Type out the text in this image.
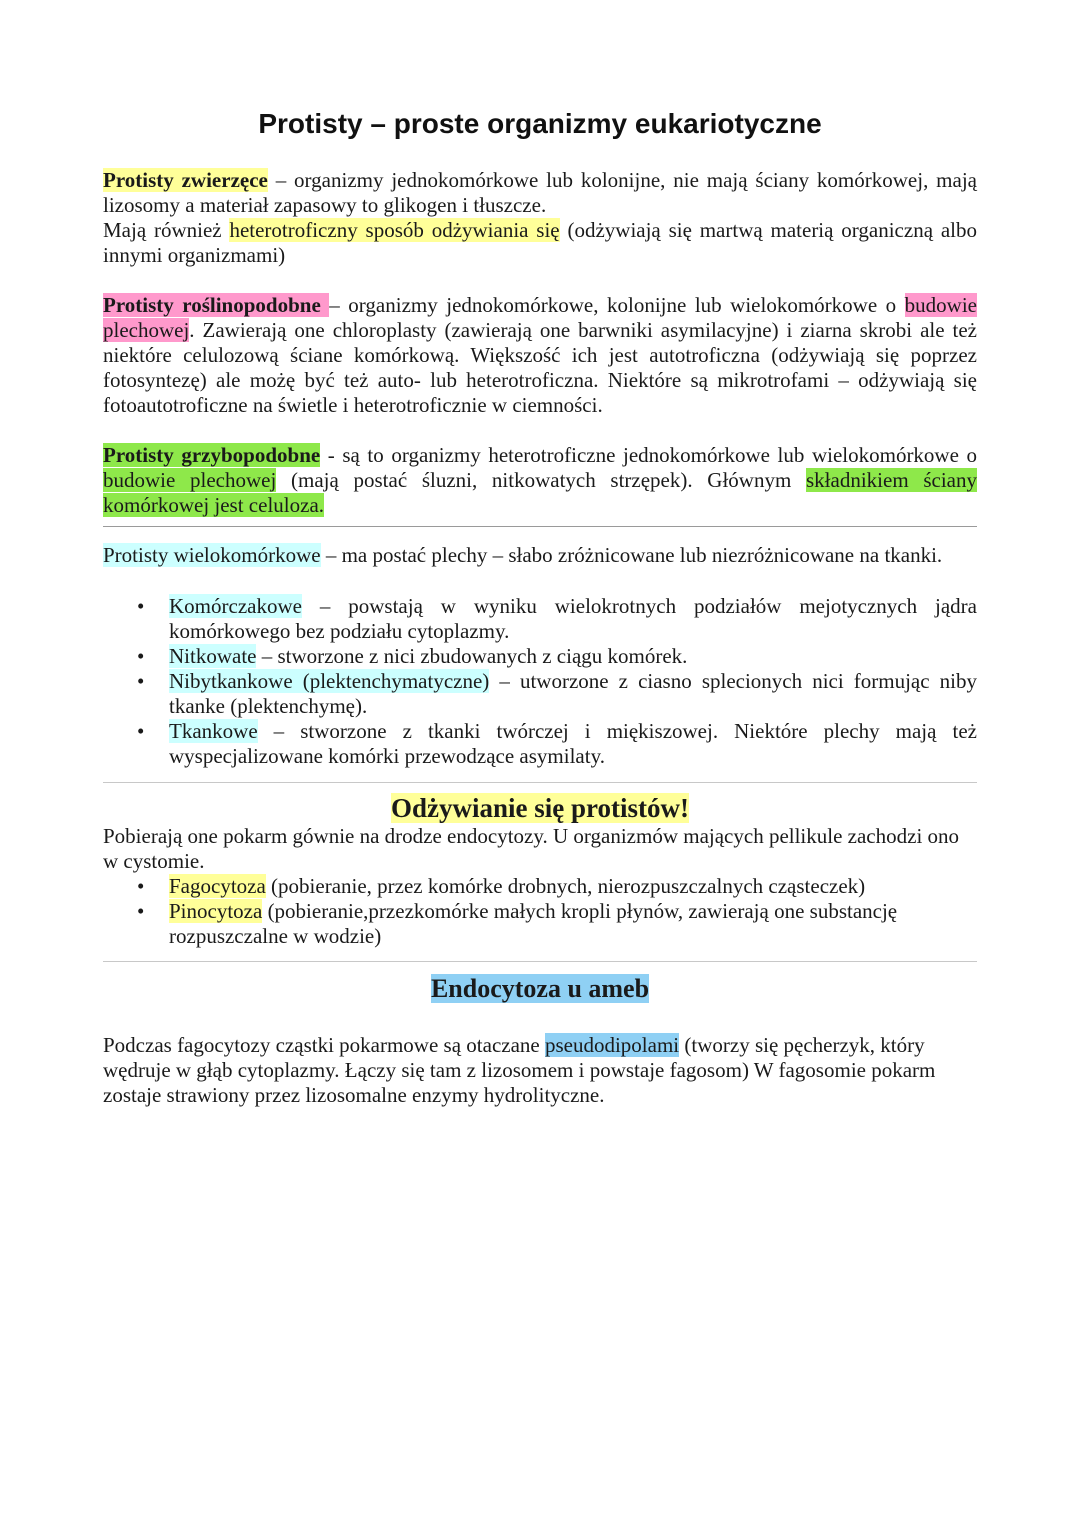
Protisty – proste organizmy eukariotyczne
Protisty zwierzęce – organizmy jednokomórkowe lub kolonijne, nie mają ściany komórkowej, mają lizosomy a materiał zapasowy to glikogen i tłuszcze.
Mają również heterotroficzny sposób odżywiania się (odżywiają się martwą materią organiczną albo innymi organizmami)
Protisty roślinopodobne – organizmy jednokomórkowe, kolonijne lub wielokomórkowe o budowie plechowej. Zawierają one chloroplasty (zawierają one barwniki asymilacyjne) i ziarna skrobi ale też niektóre celulozową ściane komórkową. Większość ich jest autotroficzna (odżywiają się poprzez fotosyntezę) ale możę być też auto- lub heterotroficzna. Niektóre są mikrotrofami – odżywiają się fotoautotroficzne na świetle i heterotroficznie w ciemności.
Protisty grzybopodobne - są to organizmy heterotroficzne jednokomórkowe lub wielokomórkowe o budowie plechowej (mają postać śluzni, nitkowatych strzępek). Głównym składnikiem ściany komórkowej jest celuloza.
Protisty wielokomórkowe – ma postać plechy – słabo zróżnicowane lub niezróżnicowane na tkanki.
• Komórczakowe – powstają w wyniku wielokrotnych podziałów mejotycznych jądra komórkowego bez podziału cytoplazmy.
• Nitkowate – stworzone z nici zbudowanych z ciągu komórek.
• Nibytkankowe (plektenchymatyczne) – utworzone z ciasno splecionych nici formując niby tkanke (plektenchymę).
• Tkankowe – stworzone z tkanki twórczej i miękiszowej. Niektóre plechy mają też wyspecjalizowane komórki przewodzące asymilaty.
Odżywianie się protistów!
Pobierają one pokarm gównie na drodze endocytozy. U organizmów mających pellikule zachodzi ono w cystomie.
• Fagocytoza (pobieranie, przez komórke drobnych, nierozpuszczalnych cząsteczek)
• Pinocytoza (pobieranie,przezkomórke małych kropli płynów, zawierają one substancję rozpuszczalne w wodzie)
Endocytoza u ameb
Podczas fagocytozy cząstki pokarmowe są otaczane pseudodipolami (tworzy się pęcherzyk, który wędruje w głąb cytoplazmy. Łączy się tam z lizosomem i powstaje fagosom) W fagosomie pokarm zostaje strawiony przez lizosomalne enzymy hydrolityczne.
